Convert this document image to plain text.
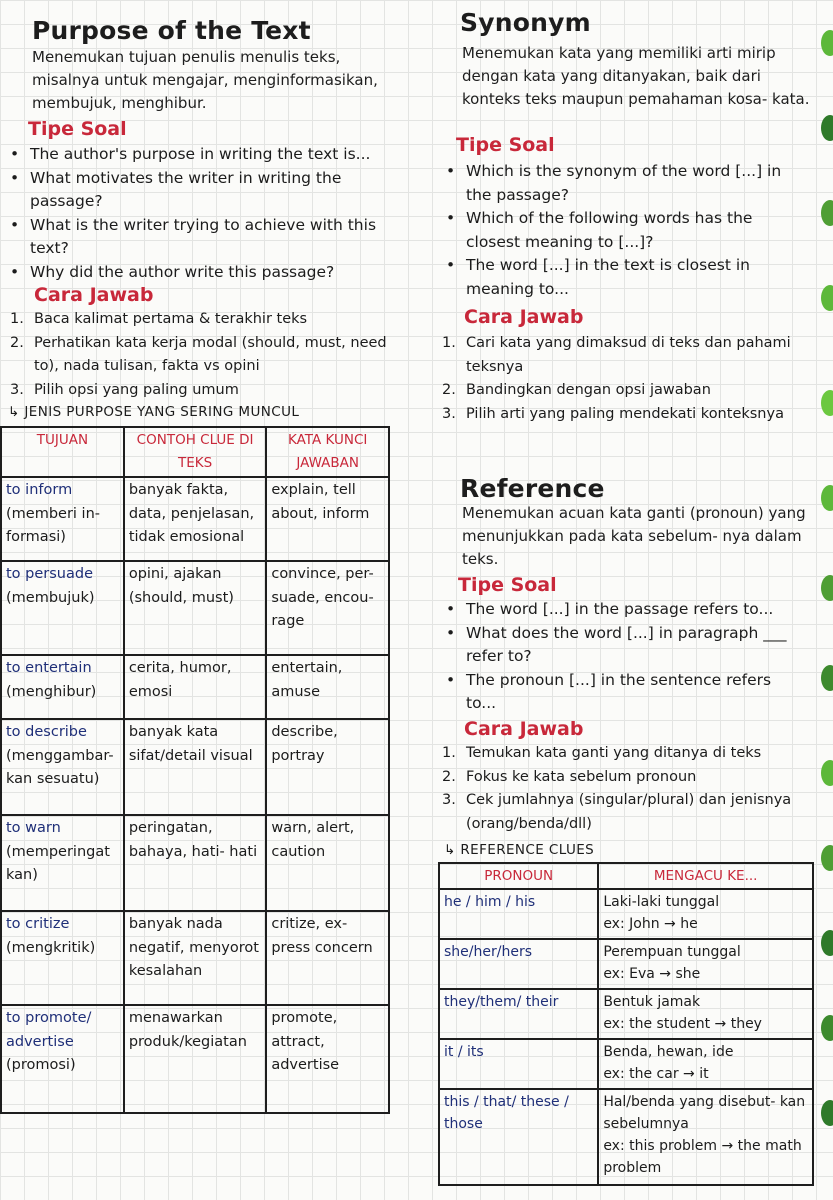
Purpose of the Text
Menemukan tujuan penulis menulis teks, misalnya untuk mengajar, menginformasikan, membujuk, menghibur.
Tipe Soal
• The author's purpose in writing the text is...
• What motivates the writer in writing the passage?
• What is the writer trying to achieve with this text?
• Why did the author write this passage?
Cara Jawab
1. Baca kalimat pertama & terakhir teks
2. Perhatikan kata kerja modal (should, must, need to), nada tulisan, fakta vs opini
3. Pilih opsi yang paling umum
↳ JENIS PURPOSE YANG SERING MUNCUL
TUJUAN	CONTOH CLUE DI TEKS	KATA KUNCI JAWABAN

to inform
(memberi in- formasi)	banyak fakta, data, penjelasan, tidak emosional	explain, tell about, inform

to persuade
(membujuk)	opini, ajakan (should, must)	convince, per- suade, encou- rage

to entertain
(menghibur)	cerita, humor, emosi	entertain, amuse

to describe
(menggambar- kan sesuatu)	banyak kata sifat/detail visual	describe, portray

to warn
(memperingat kan)	peringatan, bahaya, hati- hati	warn, alert, caution

to critize
(mengkritik)	banyak nada negatif, menyorot kesalahan	critize, ex- press concern

to promote/ advertise
(promosi)	menawarkan produk/kegiatan	promote, attract, advertise
Synonym
Menemukan kata yang memiliki arti mirip dengan kata yang ditanyakan, baik dari konteks teks maupun pemahaman kosa- kata.
Tipe Soal
• Which is the synonym of the word [...] in the passage?
• Which of the following words has the closest meaning to [...]?
• The word [...] in the text is closest in meaning to...
Cara Jawab
1. Cari kata yang dimaksud di teks dan pahami teksnya
2. Bandingkan dengan opsi jawaban
3. Pilih arti yang paling mendekati konteksnya
Reference
Menemukan acuan kata ganti (pronoun) yang menunjukkan pada kata sebelum- nya dalam teks.
Tipe Soal
• The word [...] in the passage refers to...
• What does the word [...] in paragraph ___ refer to?
• The pronoun [...] in the sentence refers to...
Cara Jawab
1. Temukan kata ganti yang ditanya di teks
2. Fokus ke kata sebelum pronoun
3. Cek jumlahnya (singular/plural) dan jenisnya (orang/benda/dll)
↳ REFERENCE CLUES
PRONOUN	MENGACU KE...
he / him / his	Laki-laki tunggal
ex: John → he

she/her/hers	Perempuan tunggal
ex: Eva → she

they/them/ their	Bentuk jamak
ex: the student → they

it / its	Benda, hewan, ide
ex: the car → it

this / that/ these / those	Hal/benda yang disebut- kan sebelumnya
ex: this problem → the math problem
